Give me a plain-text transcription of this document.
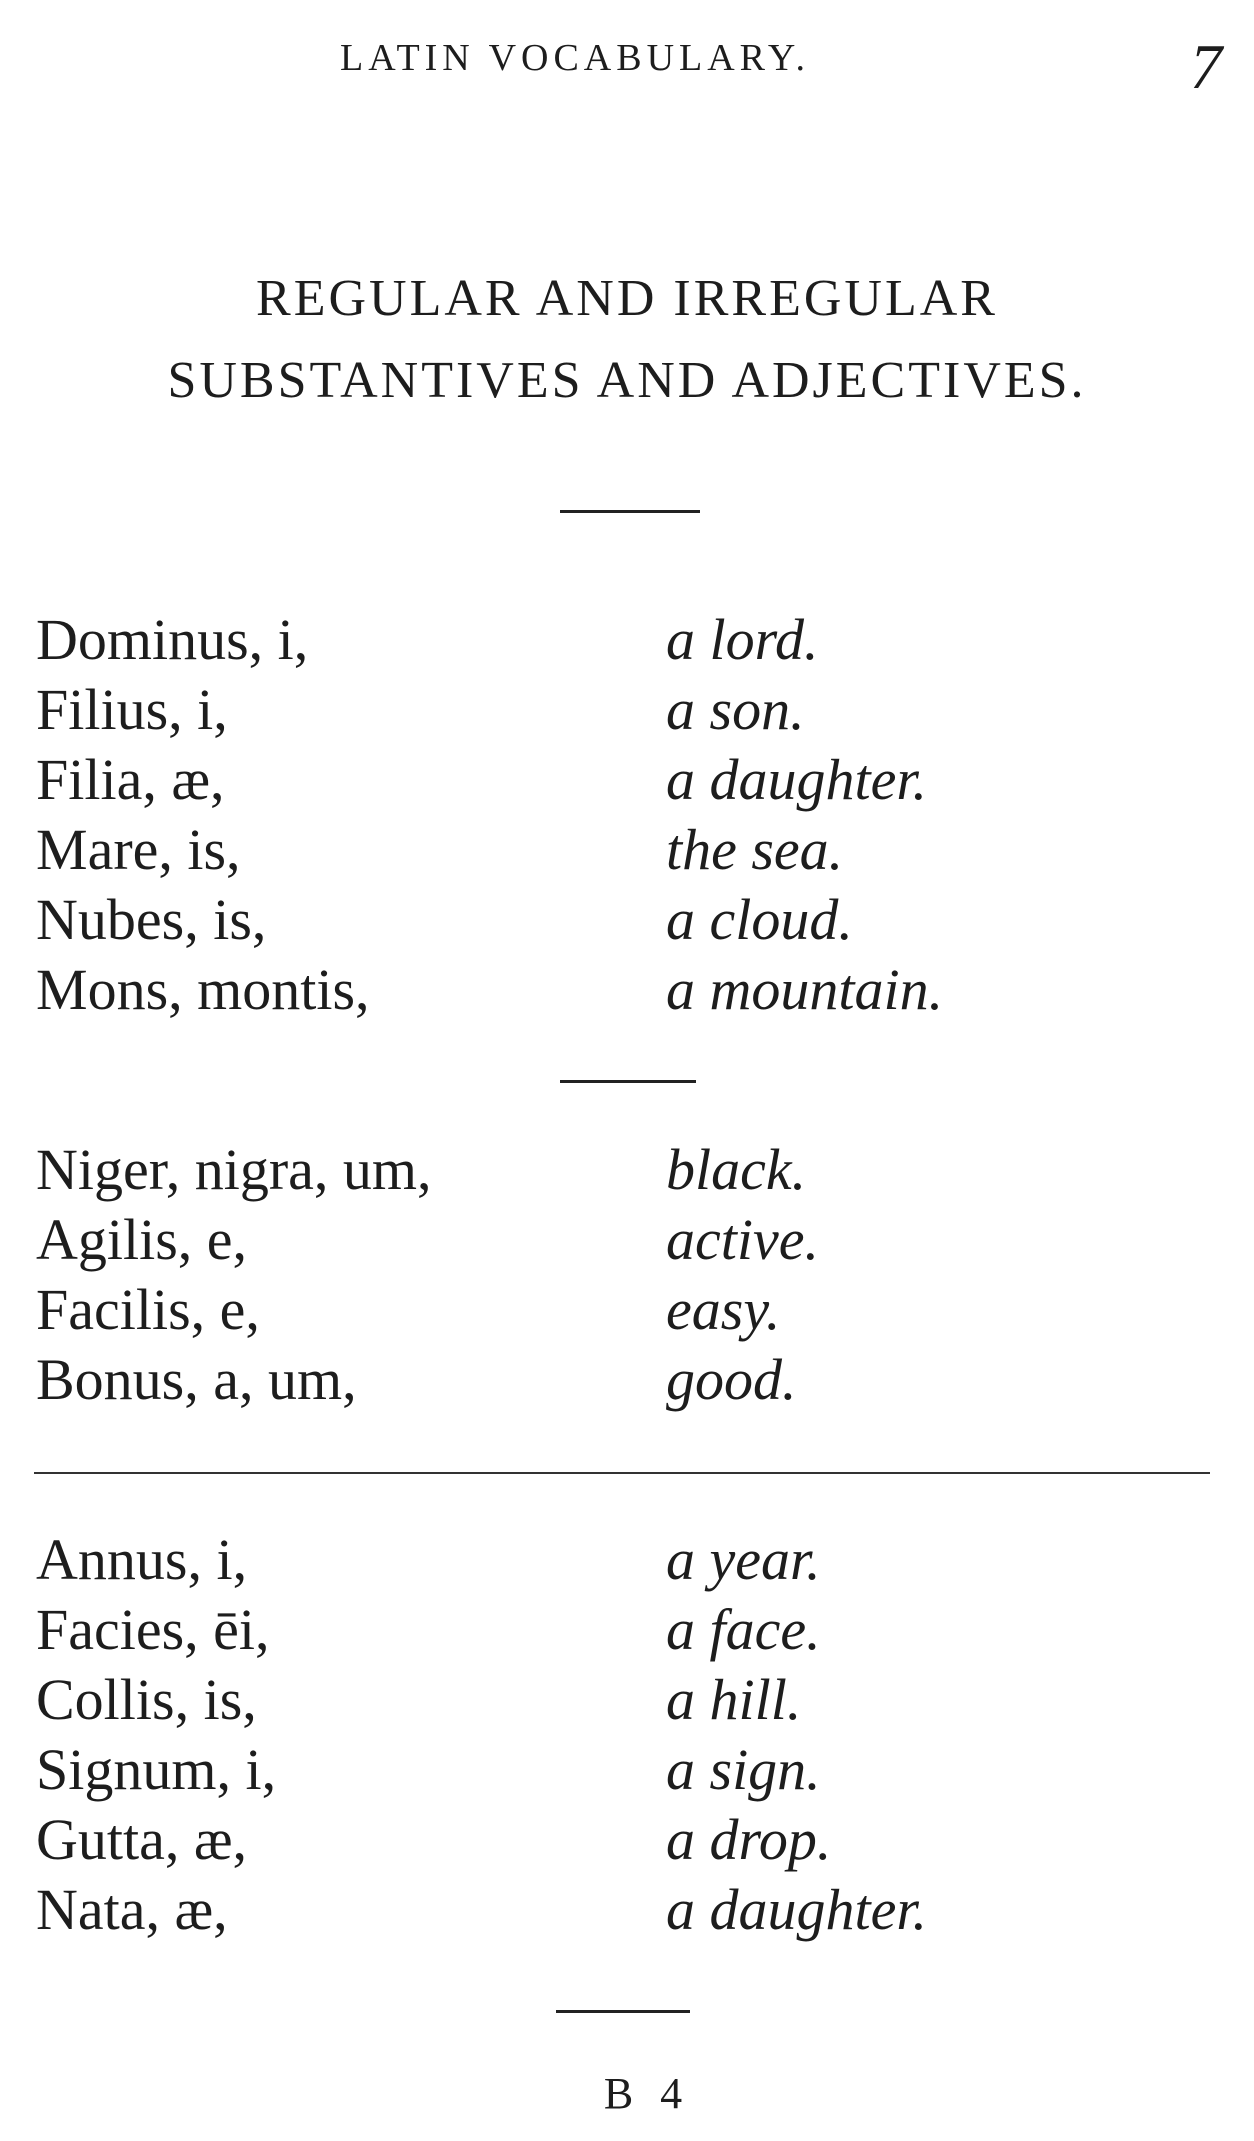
LATIN VOCABULARY.	7
REGULAR AND IRREGULAR
SUBSTANTIVES AND ADJECTIVES.
Dominus, i,	a lord.
Filius, i,	a son.
Filia, æ,	a daughter.
Mare, is,	the sea.
Nubes, is,	a cloud.
Mons, montis,	a mountain.
Niger, nigra, um,	black.
Agilis, e,	active.
Facilis, e,	easy.
Bonus, a, um,	good.
Annus, i,	a year.
Facies, ēi,	a face.
Collis, is,	a hill.
Signum, i,	a sign.
Gutta, æ,	a drop.
Nata, æ,	a daughter.
B 4
